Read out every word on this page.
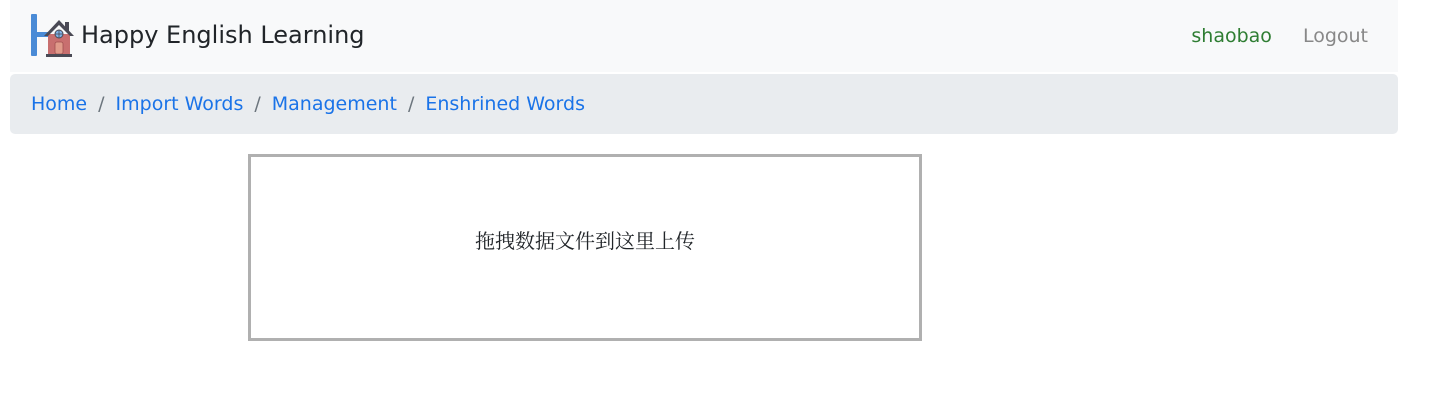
Happy English Learning	shaobao Logout
Home / Import Words / Management / Enshrined Words
拖拽数据文件到这里上传
